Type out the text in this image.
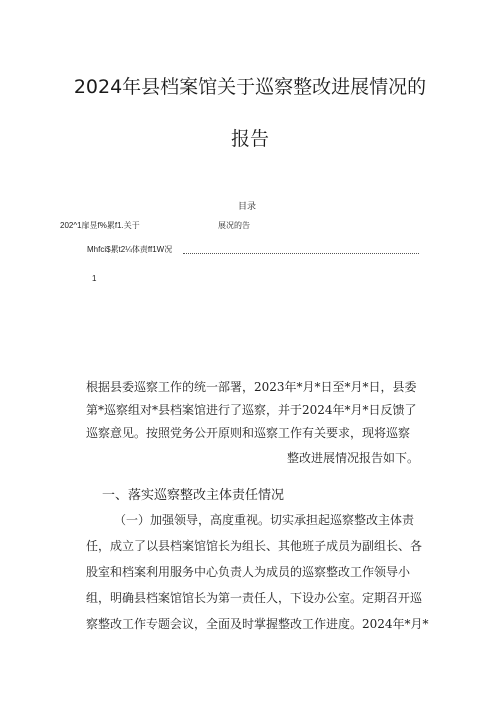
2024年县档案馆关于巡察整改进展情况的
报告
目录
202^1扉昱f%累f1.关于	展况的告
Mhfci$累t2¼体责ff1W况
1
根据县委巡察工作的统一部署，2023年*月*日至*月*日，县委
第*巡察组对*县档案馆进行了巡察，并于2024年*月*日反馈了
巡察意见。按照党务公开原则和巡察工作有关要求，现将巡察
整改进展情况报告如下。
一、落实巡察整改主体责任情况
（一）加强领导，高度重视。切实承担起巡察整改主体责
任，成立了以县档案馆馆长为组长、其他班子成员为副组长、各
股室和档案利用服务中心负责人为成员的巡察整改工作领导小
组，明确县档案馆馆长为第一责任人，下设办公室。定期召开巡
察整改工作专题会议，全面及时掌握整改工作进度。2024年*月*
